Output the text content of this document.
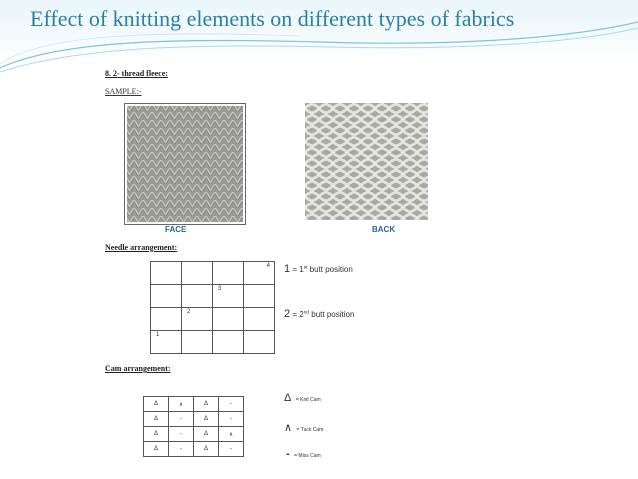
Effect of knitting elements on different types of fabrics
8. 2- thread fleece:
SAMPLE:-
FACE	BACK
Needle arrangement:

			4

		3	

	2		

1			

1 = 1st butt position
2 = 2nd butt position
Cam arrangement:
Δ	∧	Δ	-
Δ	-	Δ	-
Δ	-	Δ	∧
Δ	-	Δ	-
Δ = Knit Cam
∧ = Tuck Cam
- = Miss Cam
